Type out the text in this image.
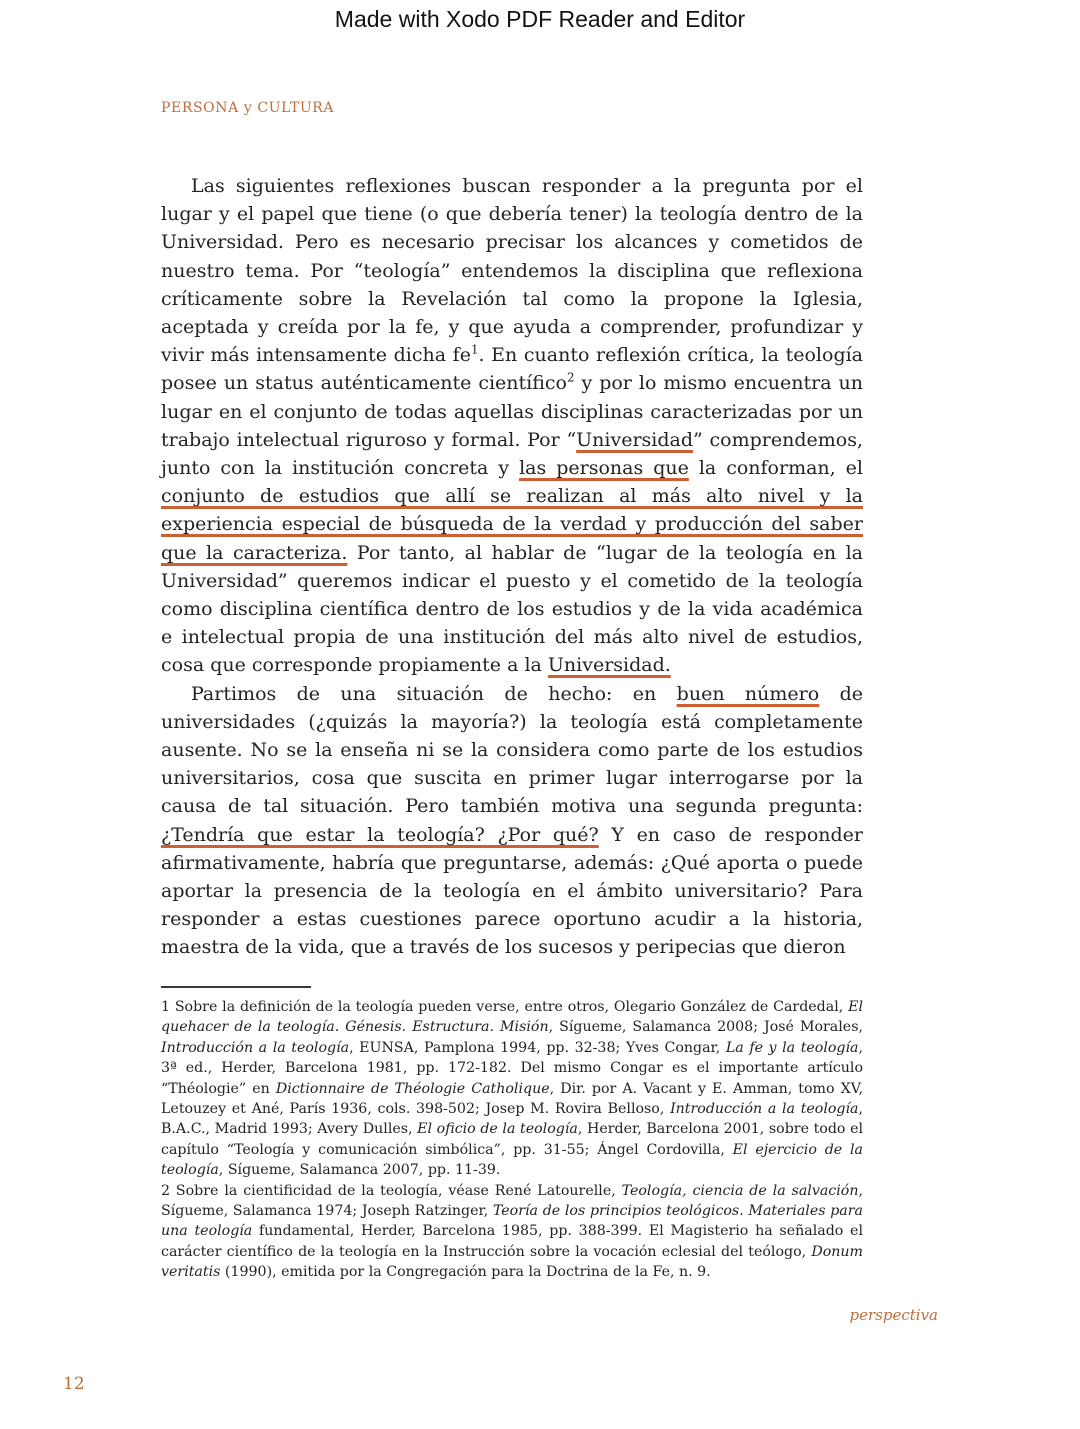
Made with Xodo PDF Reader and Editor
PERSONA y CULTURA

Las siguientes reflexiones buscan responder a la pregunta por el lugar y el papel que tiene (o que debería tener) la teología dentro de la Universidad. Pero es necesario precisar los alcances y cometidos de nuestro tema. Por “teología” entendemos la disciplina que reflexiona críticamente sobre la Revelación tal como la propone la Iglesia, aceptada y creída por la fe, y que ayuda a comprender, profundizar y vivir más intensamente dicha $fe^1$. En cuanto reflexión crítica, la teología posee un status auténticamente científico$^2$ y por lo mismo encuentra un lugar en el conjunto de todas aquellas disciplinas caracterizadas por un trabajo intelectual riguroso y formal. Por “Universidad” comprendemos, junto con la institución concreta y las personas que la conforman, el conjunto de estudios que allí se realizan al más alto nivel y la experiencia especial de búsqueda de la verdad y producción del saber que la caracteriza. Por tanto, al hablar de “lugar de la teología en la Universidad” queremos indicar el puesto y el cometido de la teología como disciplina científica dentro de los estudios y de la vida académica e intelectual propia de una institución del más alto nivel de estudios, cosa que corresponde propiamente a la Universidad.

Partimos de una situación de hecho: en buen número de universidades (¿quizás la mayoría?) la teología está completamente ausente. No se la enseña ni se la considera como parte de los estudios universitarios, cosa que suscita en primer lugar interrogarse por la causa de tal situación. Pero también motiva una segunda pregunta: ¿Tendría que estar la teología? ¿Por qué? Y en caso de responder afirmativamente, habría que preguntarse, además: ¿Qué aporta o puede aportar la presencia de la teología en el ámbito universitario? Para responder a estas cuestiones parece oportuno acudir a la historia, maestra de la vida, que a través de los sucesos y peripecias que dieron

1 Sobre la definición de la teología pueden verse, entre otros, Olegario González de Cardedal, El quehacer de la teología. Génesis. Estructura. Misión, Sígueme, Salamanca 2008; José Morales, Introducción a la teología, EUNSA, Pamplona 1994, pp. 32-38; Yves Congar, La fe y la teología, 3ª ed., Herder, Barcelona 1981, pp. 172-182. Del mismo Congar es el importante artículo “Théologie” en Dictionnaire de Théologie Catholique, Dir. por A. Vacant y E. Amman, tomo XV, Letouzey et Ané, París 1936, cols. 398-502; Josep M. Rovira Belloso, Introducción a la teología, B.A.C., Madrid 1993; Avery Dulles, El oficio de la teología, Herder, Barcelona 2001, sobre todo el capítulo “Teología y comunicación simbólica”, pp. 31-55; Ángel Cordovilla, El ejercicio de la teología, Sígueme, Salamanca 2007, pp. 11-39.

2 Sobre la cientificidad de la teología, véase René Latourelle, Teología, ciencia de la salvación, Sígueme, Salamanca 1974; Joseph Ratzinger, Teoría de los principios teológicos. Materiales para una teología fundamental, Herder, Barcelona 1985, pp. 388-399. El Magisterio ha señalado el carácter científico de la teología en la Instrucción sobre la vocación eclesial del teólogo, Donum veritatis (1990), emitida por la Congregación para la Doctrina de la Fe, n. 9.

perspectiva
12
